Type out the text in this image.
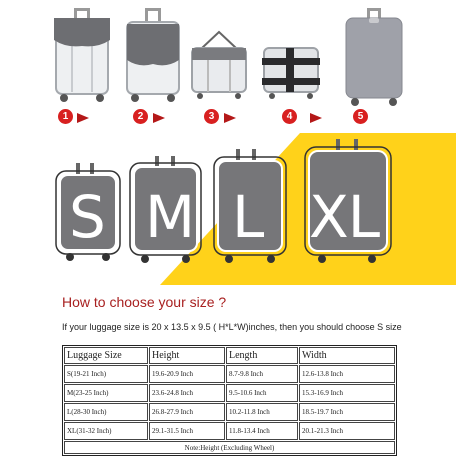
1	2	3	4	5
S M L XL
How to choose your size ?
If your luggage size is 20 x 13.5 x 9.5 ( H*L*W)inches, then you should choose S size
Luggage Size	Height	Length	Width
S(19-21 Inch)	19.6-20.9 Inch	8.7-9.8 Inch	12.6-13.8 Inch
M(23-25 Inch)	23.6-24.8 Inch	9.5-10.6 Inch	15.3-16.9 Inch
L(28-30 Inch)	26.8-27.9 Inch	10.2-11.8 Inch	18.5-19.7 Inch
XL(31-32 Inch)	29.1-31.5 Inch	11.8-13.4 Inch	20.1-21.3 Inch
Note:Height (Excluding Wheel)			
